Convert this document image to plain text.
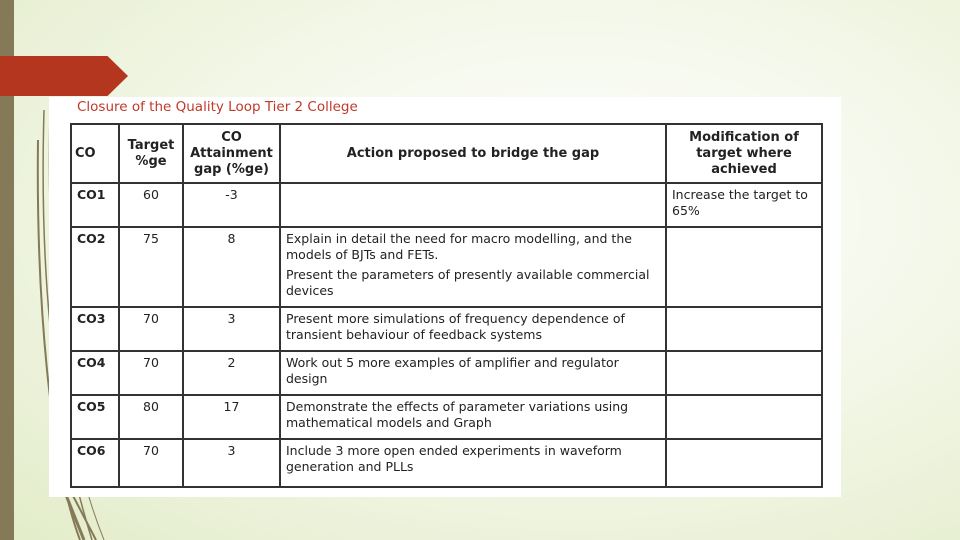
Closure of the Quality Loop Tier 2 College
CO	Target %ge	CO Attainment gap (%ge)	Action proposed to bridge the gap	Modification of target where achieved
CO1	60	-3		Increase the target to 65%
CO2	75	8	Explain in detail the need for macro modelling, and the models of BJTs and FETs.
Present the parameters of presently available commercial devices	

CO3	70	3	Present more simulations of frequency dependence of transient behaviour of feedback systems	
CO4	70	2	Work out 5 more examples of amplifier and regulator design	
CO5	80	17	Demonstrate the effects of parameter variations using mathematical models and Graph	
CO6	70	3	Include 3 more open ended experiments in waveform generation and PLLs	
